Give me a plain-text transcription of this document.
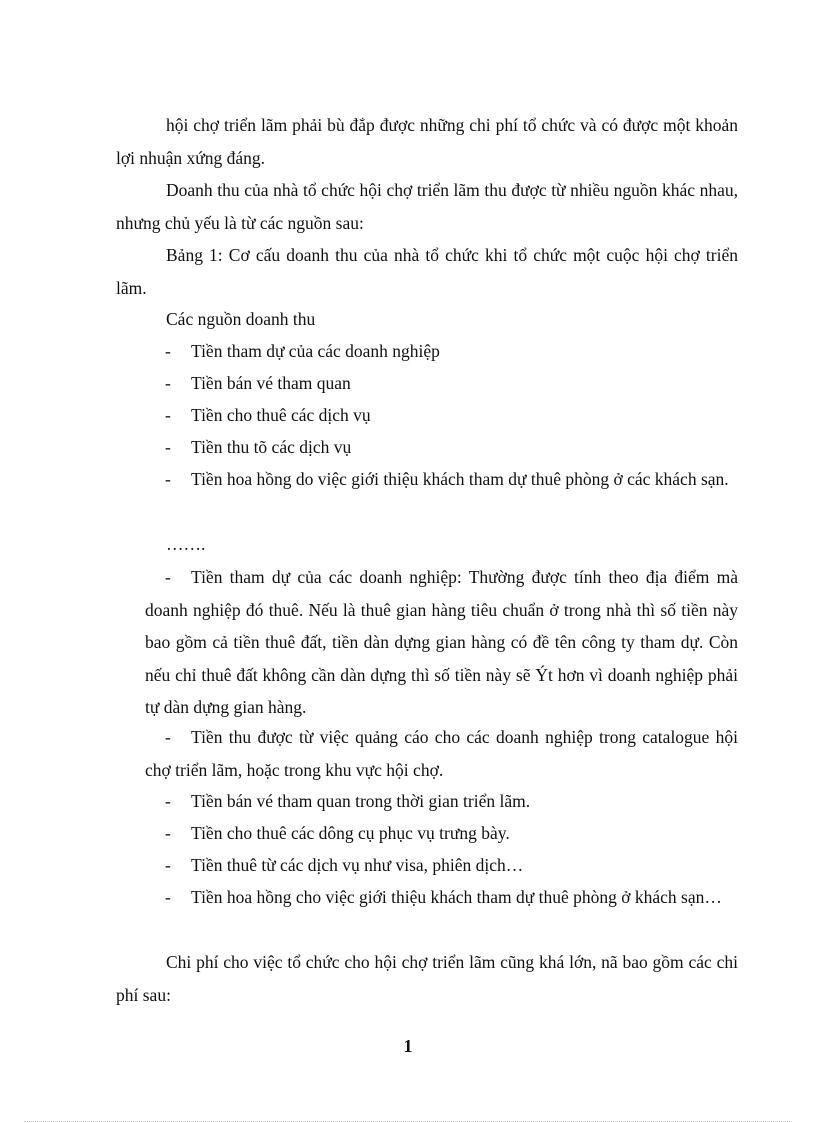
hội chợ triển lãm phải bù đắp được những chi phí tổ chức và có được một khoản lợi nhuận xứng đáng.

Doanh thu của nhà tổ chức hội chợ triển lãm thu được từ nhiều nguồn khác nhau, nhưng chủ yếu là từ các nguồn sau:

Bảng 1: Cơ cấu doanh thu của nhà tổ chức khi tổ chức một cuộc hội chợ triển lãm.

Các nguồn doanh thu

-	Tiền tham dự của các doanh nghiệp
-	Tiền bán vé tham quan
-	Tiền cho thuê các dịch vụ
-	Tiền thu tõ các dịch vụ
-	Tiền hoa hồng do việc giới thiệu khách tham dự thuê phòng ở các khách sạn.
…….
-	Tiền tham dự của các doanh nghiệp: Thường được tính theo địa điểm mà doanh nghiệp đó thuê. Nếu là thuê gian hàng tiêu chuẩn ở trong nhà thì số tiền này bao gồm cả tiền thuê đất, tiền dàn dựng gian hàng có đề tên công ty tham dự. Còn nếu chỉ thuê đất không cần dàn dựng thì số tiền này sẽ Ýt hơn vì doanh nghiệp phải tự dàn dựng gian hàng.
-	Tiền thu được từ việc quảng cáo cho các doanh nghiệp trong catalogue hội chợ triển lãm, hoặc trong khu vực hội chợ.
-	Tiền bán vé tham quan trong thời gian triển lãm.
-	Tiền cho thuê các dông cụ phục vụ trưng bày.
-	Tiền thuê từ các dịch vụ như visa, phiên dịch…
-	Tiền hoa hồng cho việc giới thiệu khách tham dự thuê phòng ở khách sạn…

Chi phí cho việc tổ chức cho hội chợ triển lãm cũng khá lớn, nã bao gồm các chi phí sau:

1
